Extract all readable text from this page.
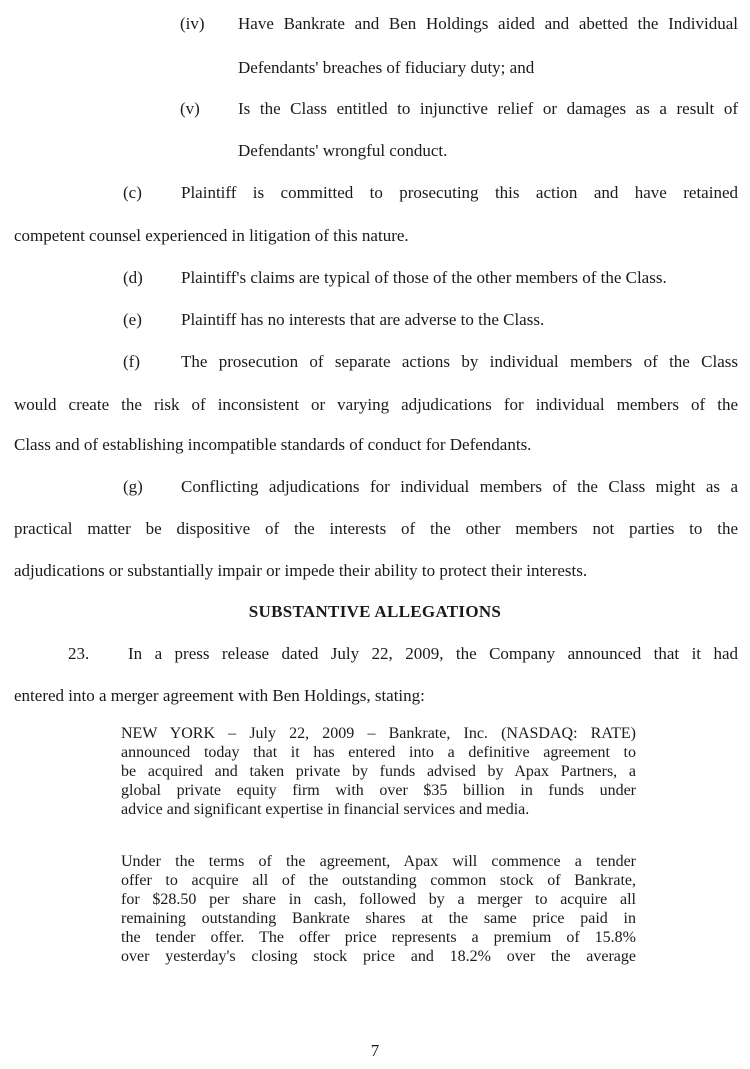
(iv) Have Bankrate and Ben Holdings aided and abetted the Individual
Defendants' breaches of fiduciary duty; and
(v) Is the Class entitled to injunctive relief or damages as a result of
Defendants' wrongful conduct.
(c) Plaintiff is committed to prosecuting this action and have retained
competent counsel experienced in litigation of this nature.
(d) Plaintiff's claims are typical of those of the other members of the Class.
(e) Plaintiff has no interests that are adverse to the Class.
(f) The prosecution of separate actions by individual members of the Class
would create the risk of inconsistent or varying adjudications for individual members of the
Class and of establishing incompatible standards of conduct for Defendants.
(g) Conflicting adjudications for individual members of the Class might as a
practical matter be dispositive of the interests of the other members not parties to the
adjudications or substantially impair or impede their ability to protect their interests.
SUBSTANTIVE ALLEGATIONS
23. In a press release dated July 22, 2009, the Company announced that it had
entered into a merger agreement with Ben Holdings, stating:
NEW YORK – July 22, 2009 – Bankrate, Inc. (NASDAQ: RATE)
announced today that it has entered into a definitive agreement to
be acquired and taken private by funds advised by Apax Partners, a
global private equity firm with over $35 billion in funds under
advice and significant expertise in financial services and media.
Under the terms of the agreement, Apax will commence a tender
offer to acquire all of the outstanding common stock of Bankrate,
for $28.50 per share in cash, followed by a merger to acquire all
remaining outstanding Bankrate shares at the same price paid in
the tender offer. The offer price represents a premium of 15.8%
over yesterday's closing stock price and 18.2% over the average
7
